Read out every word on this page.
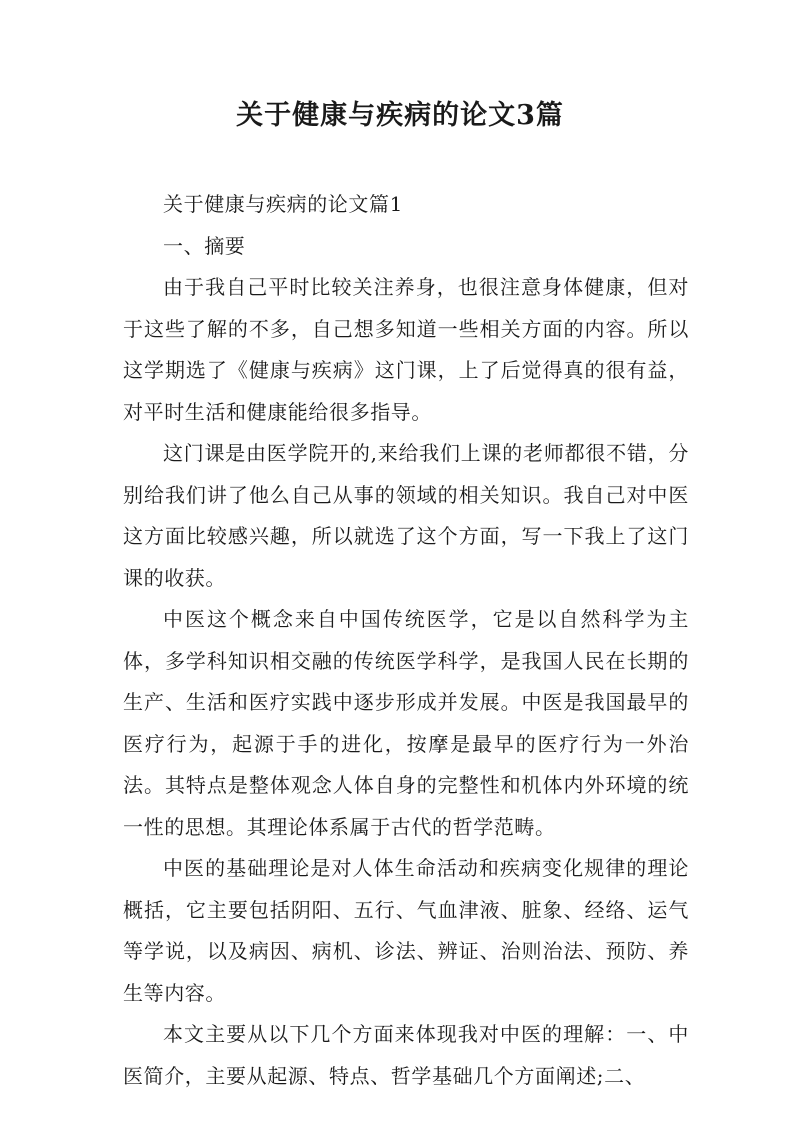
关于健康与疾病的论文3篇

关于健康与疾病的论文篇1

一、摘要

由于我自己平时比较关注养身，也很注意身体健康，但对于这些了解的不多，自己想多知道一些相关方面的内容。所以这学期选了《健康与疾病》这门课，上了后觉得真的很有益，对平时生活和健康能给很多指导。

这门课是由医学院开的,来给我们上课的老师都很不错，分别给我们讲了他么自己从事的领域的相关知识。我自己对中医这方面比较感兴趣，所以就选了这个方面，写一下我上了这门课的收获。

中医这个概念来自中国传统医学，它是以自然科学为主体，多学科知识相交融的传统医学科学，是我国人民在长期的生产、生活和医疗实践中逐步形成并发展。中医是我国最早的医疗行为，起源于手的进化，按摩是最早的医疗行为一外治法。其特点是整体观念人体自身的完整性和机体内外环境的统一性的思想。其理论体系属于古代的哲学范畴。

中医的基础理论是对人体生命活动和疾病变化规律的理论概括，它主要包括阴阳、五行、气血津液、脏象、经络、运气等学说，以及病因、病机、诊法、辨证、治则治法、预防、养生等内容。

本文主要从以下几个方面来体现我对中医的理解：一、中医简介，主要从起源、特点、哲学基础几个方面阐述;二、
